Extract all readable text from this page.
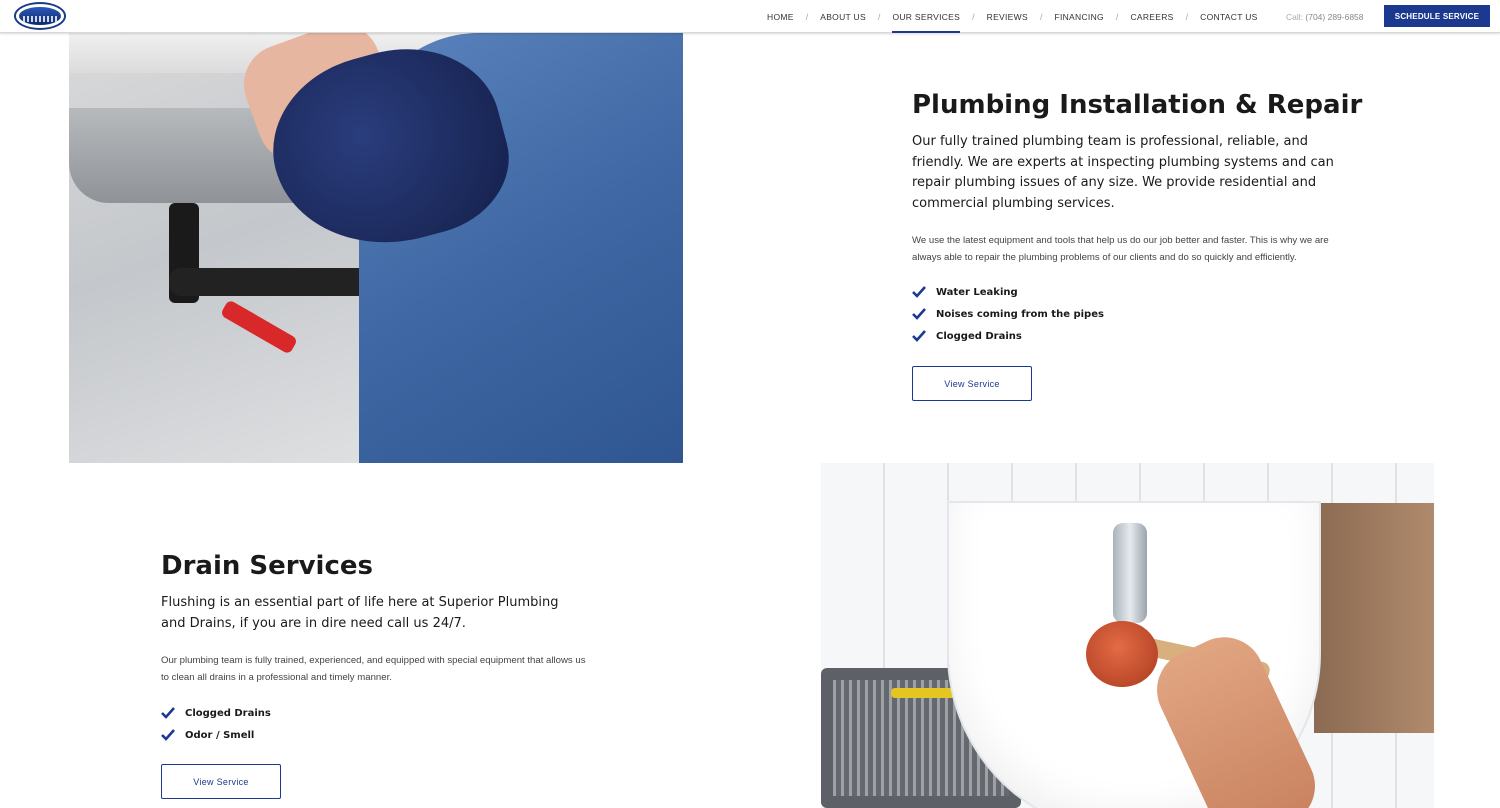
HOME / ABOUT US / OUR SERVICES / REVIEWS / FINANCING / CAREERS / CONTACT US	Call: (704) 289-6858	SCHEDULE SERVICE
Plumbing Installation & Repair

Our fully trained plumbing team is professional, reliable, and friendly. We are experts at inspecting plumbing systems and can repair plumbing issues of any size. We provide residential and commercial plumbing services.

We use the latest equipment and tools that help us do our job better and faster. This is why we are always able to repair the plumbing problems of our clients and do so quickly and efficiently.

Water Leaking
Noises coming from the pipes
Clogged Drains
View Service
Drain Services

Flushing is an essential part of life here at Superior Plumbing and Drains, if you are in dire need call us 24/7.

Our plumbing team is fully trained, experienced, and equipped with special equipment that allows us to clean all drains in a professional and timely manner.

Clogged Drains
Odor / Smell
View Service
